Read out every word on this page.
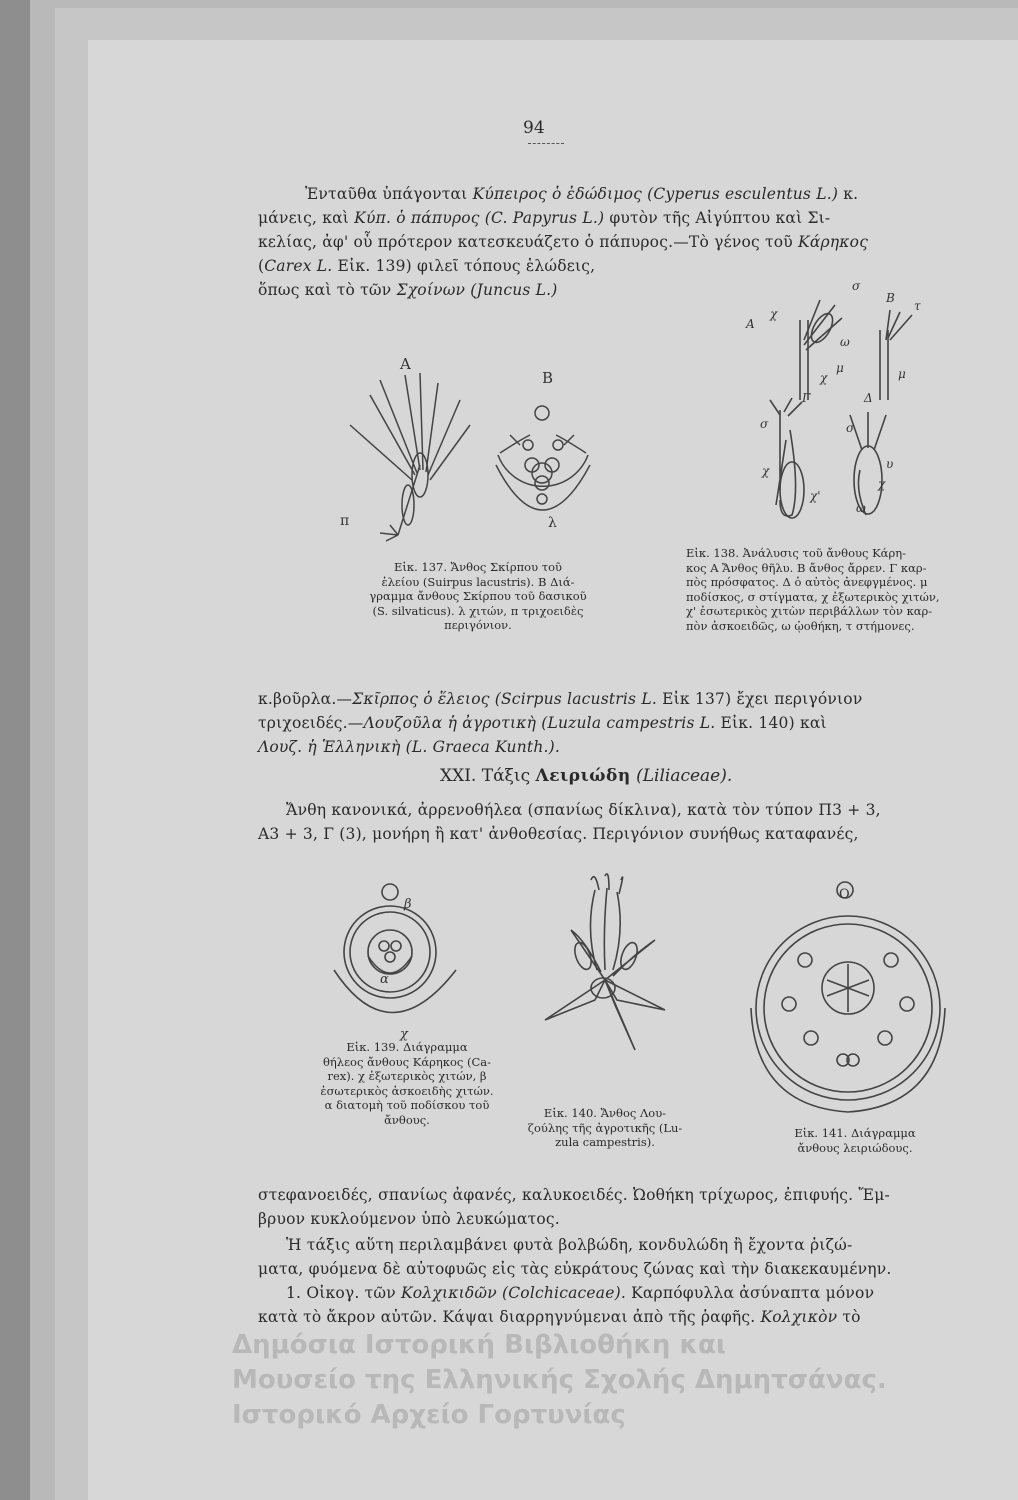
94
Ἐνταῦθα ὑπάγονται Κύπειρος ὁ ἐδώδιμος (Cyperus esculentus L.) κ.
μάνεις, καὶ Κύπ. ὁ πάπυρος (C. Papyrus L.) φυτὸν τῆς Αἰγύπτου καὶ Σι-
κελίας, ἀφ' οὗ πρότερον κατεσκευάζετο ὁ πάπυρος.—Τὸ γένος τοῦ Κάρηκος
(Carex L. Εἰκ. 139) φιλεῖ τόπους ἑλώδεις,
ὅπως καὶ τὸ τῶν Σχοίνων (Juncus L.)
A
B
π	λ
Εἰκ. 137. Ἄνθος Σκίρπου τοῦ
ἑλείου (Suirpus lacustris). Β Διά-
γραμμα ἄνθους Σκίρπου τοῦ δασικοῦ
(S. silvaticus). λ χιτών, π τριχοειδὲς
περιγόνιον.
A
B
χ
σ
ω
χ
μ
τ
μ
Γ	Δ
σ	σ
χ
χ'
υ
χ
ω
Εἰκ. 138. Ἀνάλυσις τοῦ ἄνθους Κάρη-
κος Α Ἄνθος θῆλυ. Β ἄνθος ἄρρεν. Γ καρ-
πὸς πρόσφατος. Δ ὁ αὐτὸς ἀνεφγμένος. μ
ποδίσκος, σ στίγματα, χ ἐξωτερικὸς χιτών,
χ' ἐσωτερικὸς χιτὼν περιβάλλων τὸν καρ-
πὸν ἀσκοειδῶς, ω ᾠοθήκη, τ στήμονες.
κ.βοῦρλα.—Σκῖρπος ὁ ἕλειος (Scirpus lacustris L. Εἰκ 137) ἔχει περιγόνιον
τριχοειδές.—Λουζοῦλα ἡ ἀγροτικὴ (Luzula campestris L. Εἰκ. 140) καὶ
Λουζ. ἡ Ἑλληνικὴ (L. Graeca Kunth.).
XXI. Τάξις Λειριώδη (Liliaceae).
Ἄνθη κανονικά, ἀρρενοθήλεα (σπανίως δίκλινα), κατὰ τὸν τύπον Π3 + 3,
Α3 + 3, Γ (3), μονήρη ἢ κατ' ἀνθοθεσίας. Περιγόνιον συνήθως καταφανές,
β
α
χ
Εἰκ. 139. Διάγραμμα
θήλεος ἄνθους Κάρηκος (Ca-
rex). χ ἐξωτερικὸς χιτών, β
ἐσωτερικὸς ἀσκοειδὴς χιτών.
α διατομὴ τοῦ ποδίσκου τοῦ
ἄνθους.	Εἰκ. 140. Ἄνθος Λου-
ζούλης τῆς ἀγροτικῆς (Lu-
zula campestris).
O
Εἰκ. 141. Διάγραμμα
ἄνθους λειριώδους.
στεφανοειδές, σπανίως ἀφανές, καλυκοειδές. Ὠοθήκη τρίχωρος, ἐπιφυής. Ἔμ-
βρυον κυκλούμενον ὑπὸ λευκώματος.
Ἡ τάξις αὕτη περιλαμβάνει φυτὰ βολβώδη, κονδυλώδη ἢ ἔχοντα ῥιζώ-
ματα, φυόμενα δὲ αὐτοφυῶς εἰς τὰς εὐκράτους ζώνας καὶ τὴν διακεκαυμένην.
1. Οἰκογ. τῶν Κολχικιδῶν (Colchicaceae). Καρπόφυλλα ἀσύναπτα μόνον
κατὰ τὸ ἄκρον αὐτῶν. Κάψαι διαρρηγνύμεναι ἀπὸ τῆς ῥαφῆς. Κολχικὸν τὸ
Δημόσια Ιστορική Βιβλιοθήκη και
Μουσείο της Ελληνικής Σχολής Δημητσάνας.
Ιστορικό Αρχείο Γορτυνίας
